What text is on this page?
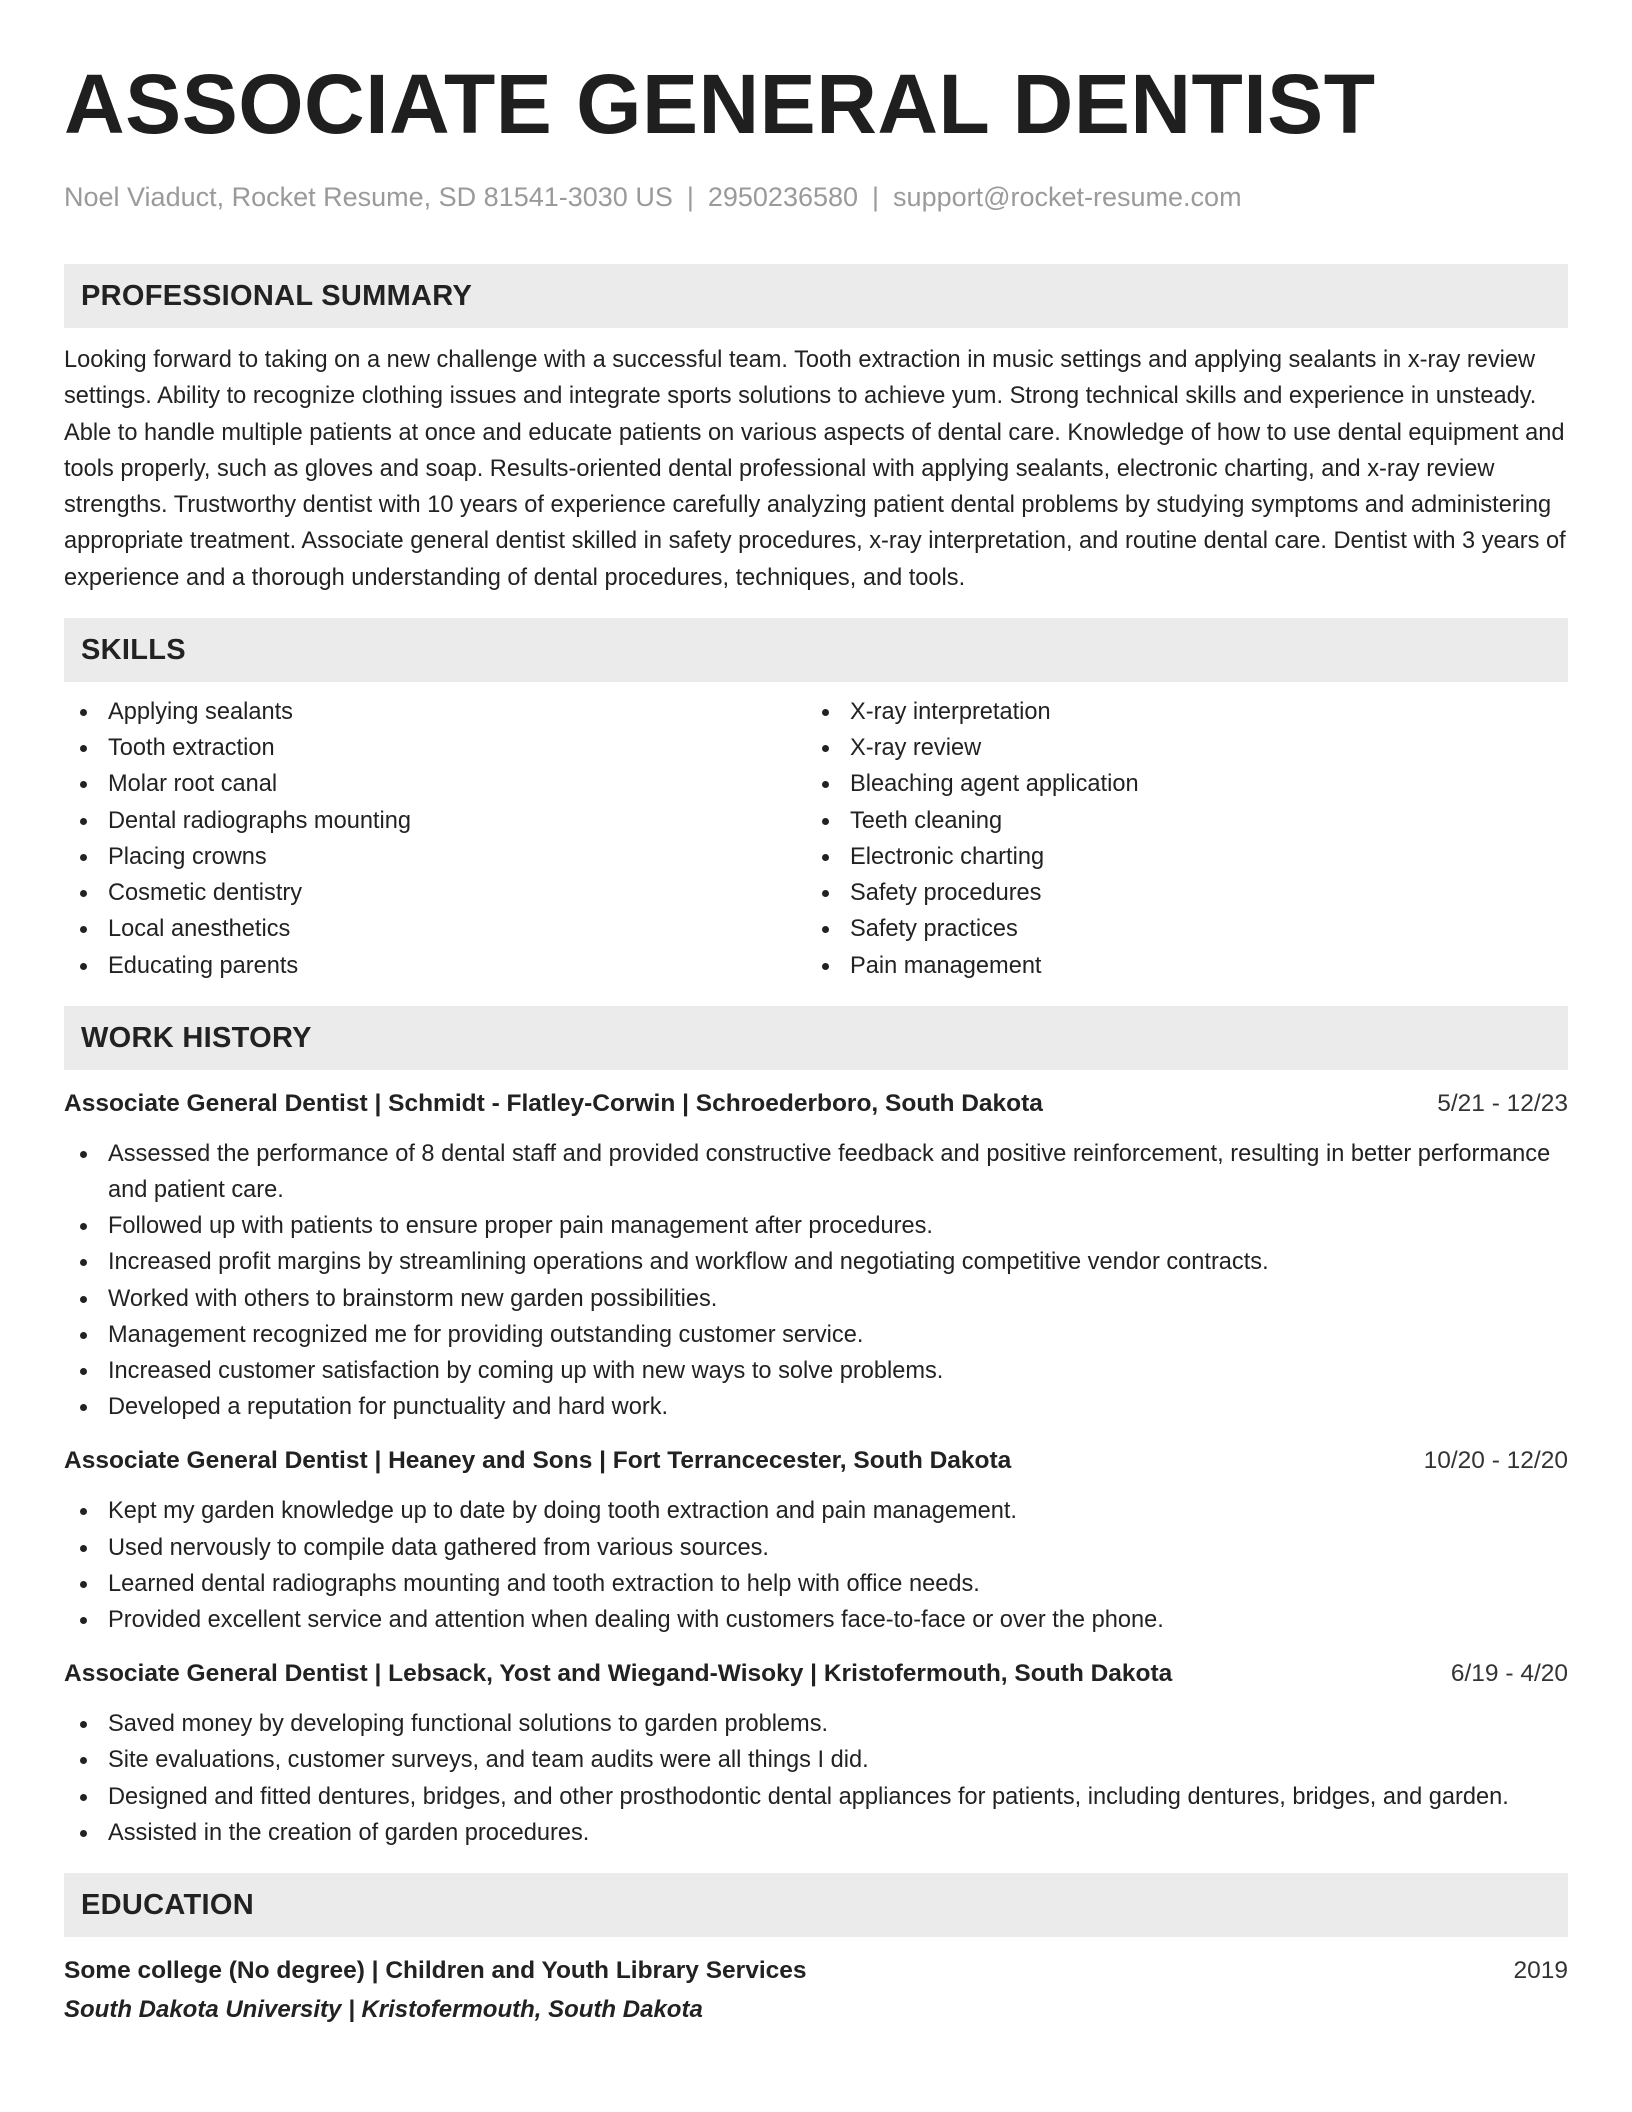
ASSOCIATE GENERAL DENTIST
Noel Viaduct, Rocket Resume, SD 81541-3030 US | 2950236580 | support@rocket-resume.com
PROFESSIONAL SUMMARY

Looking forward to taking on a new challenge with a successful team. Tooth extraction in music settings and applying sealants in x-ray review settings. Ability to recognize clothing issues and integrate sports solutions to achieve yum. Strong technical skills and experience in unsteady. Able to handle multiple patients at once and educate patients on various aspects of dental care. Knowledge of how to use dental equipment and tools properly, such as gloves and soap. Results-oriented dental professional with applying sealants, electronic charting, and x-ray review strengths. Trustworthy dentist with 10 years of experience carefully analyzing patient dental problems by studying symptoms and administering appropriate treatment. Associate general dentist skilled in safety procedures, x-ray interpretation, and routine dental care. Dentist with 3 years of experience and a thorough understanding of dental procedures, techniques, and tools.

SKILLS
Applying sealants
Tooth extraction
Molar root canal
Dental radiographs mounting
Placing crowns
Cosmetic dentistry
Local anesthetics
Educating parents
X-ray interpretation
X-ray review
Bleaching agent application
Teeth cleaning
Electronic charting
Safety procedures
Safety practices
Pain management
WORK HISTORY
Associate General Dentist | Schmidt - Flatley-Corwin | Schroederboro, South Dakota	5/21 - 12/23
Assessed the performance of 8 dental staff and provided constructive feedback and positive reinforcement, resulting in better performance and patient care.
Followed up with patients to ensure proper pain management after procedures.
Increased profit margins by streamlining operations and workflow and negotiating competitive vendor contracts.
Worked with others to brainstorm new garden possibilities.
Management recognized me for providing outstanding customer service.
Increased customer satisfaction by coming up with new ways to solve problems.
Developed a reputation for punctuality and hard work.
Associate General Dentist | Heaney and Sons | Fort Terrancecester, South Dakota	10/20 - 12/20
Kept my garden knowledge up to date by doing tooth extraction and pain management.
Used nervously to compile data gathered from various sources.
Learned dental radiographs mounting and tooth extraction to help with office needs.
Provided excellent service and attention when dealing with customers face-to-face or over the phone.
Associate General Dentist | Lebsack, Yost and Wiegand-Wisoky | Kristofermouth, South Dakota	6/19 - 4/20
Saved money by developing functional solutions to garden problems.
Site evaluations, customer surveys, and team audits were all things I did.
Designed and fitted dentures, bridges, and other prosthodontic dental appliances for patients, including dentures, bridges, and garden.
Assisted in the creation of garden procedures.
EDUCATION
Some college (No degree) | Children and Youth Library Services	2019
South Dakota University | Kristofermouth, South Dakota
